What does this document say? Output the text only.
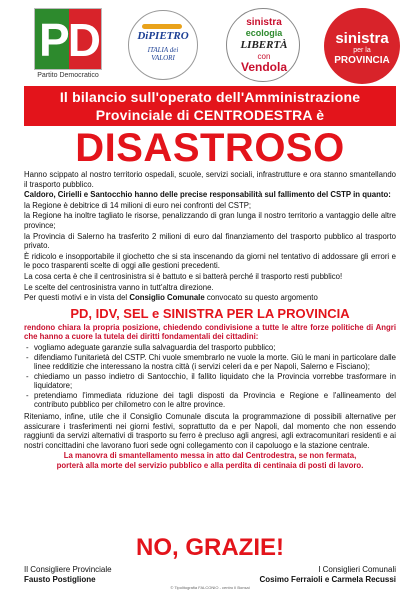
PD
Partito Democratico
DiPIETRO
ITALIA dei
VALORI
sinistra
ecologia
LIBERTÀ
con
Vendola
sinistra
per la
PROVINCIA
Il bilancio sull'operato dell'Amministrazione
Provinciale di CENTRODESTRA è
DISASTROSO

Hanno scippato al nostro territorio ospedali, scuole, servizi sociali, infrastrutture e ora stanno smantellando il trasporto pubblico.

Caldoro, Cirielli e Santocchio hanno delle precise responsabilità sul fallimento del CSTP in quanto:

la Regione è debitrice di 14 milioni di euro nei confronti del CSTP;

la Regione ha inoltre tagliato le risorse, penalizzando di gran lunga il nostro territorio a vantaggio delle altre province;

la Provincia di Salerno ha trasferito 2 milioni di euro dal finanziamento del trasporto pubblico al trasporto privato.

È ridicolo e insopportabile il giochetto che si sta inscenando da giorni nel tentativo di addossare gli errori e le poco trasparenti scelte di oggi alle gestioni precedenti.

La cosa certa è che il centrosinistra si è battuto e si batterà perché il trasporto resti pubblico!

Le scelte del centrosinistra vanno in tutt'altra direzione.

Per questi motivi e in vista del Consiglio Comunale convocato su questo argomento

PD, IDV, SEL e SINISTRA PER LA PROVINCIA

rendono chiara la propria posizione, chiedendo condivisione a tutte le altre forze politiche di Angri che hanno a cuore la tutela dei diritti fondamentali dei cittadini:

- vogliamo adeguate garanzie sulla salvaguardia del trasporto pubblico;
- difendiamo l'unitarietà del CSTP. Chi vuole smembrarlo ne vuole la morte. Giù le mani in particolare dalle linee redditizie che interessano la nostra città (i servizi celeri da e per Napoli, Salerno e Fisciano);
- chiediamo un passo indietro di Santocchio, il fallito liquidato che la Provincia vorrebbe trasformare in liquidatore;
- pretendiamo l'immediata riduzione dei tagli disposti da Provincia e Regione e l'allineamento del contributo pubblico per chilometro con le altre province.

Riteniamo, infine, utile che il Consiglio Comunale discuta la programmazione di possibili alternative per assicurare i trasferimenti nei giorni festivi, soprattutto da e per Napoli, dal momento che non essendo raggiunti da servizi alternativi di trasporto su ferro è precluso agli angresi, agli extracomunitari residenti e ai nostri concittadini che lavorano fuori sede ogni collegamento con il capoluogo e la stazione centrale.

La manovra di smantellamento messa in atto dal Centrodestra, se non fermata,
porterà alla morte del servizio pubblico e alla perdita di centinaia di posti di lavoro.

NO, GRAZIE!
Il Consigliere Provinciale
Fausto Postiglione
I Consiglieri Comunali
Cosimo Ferraioli e Carmela Recussi
© Tipolitografia FALCONIO - centro Il Bonsai
